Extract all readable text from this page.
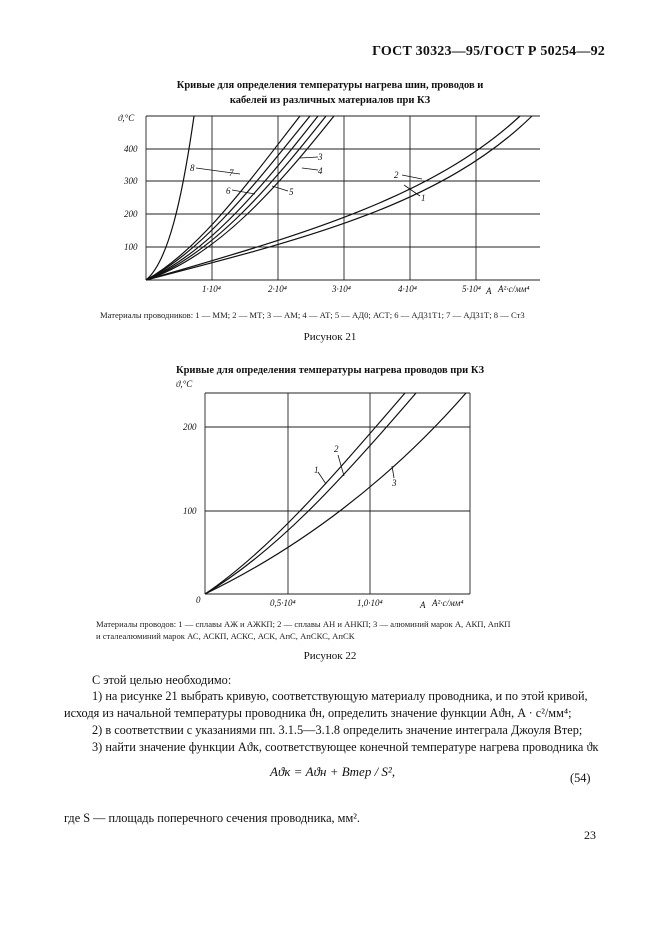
ГОСТ 30323—95/ГОСТ Р 50254—92
Кривые для определения температуры нагрева шин, проводов и
кабелей из различных материалов при КЗ
ϑ,°C
400
300
200
100
1·10⁴	2·10⁴	3·10⁴	4·10⁴	5·10⁴ A A²·c/мм⁴
8	7
6
3
4
5
2
1
ϑ,°C
200
100
0	0,5·10⁴	1,0·10⁴	A A²·c/мм⁴
1
2
3
Материалы проводников: 1 — ММ; 2 — МТ; 3 — АМ; 4 — АТ; 5 — АД0; АСТ; 6 — АД31Т1; 7 — АД31Т; 8 — Ст3
Рисунок 21
Кривые для определения температуры нагрева проводов при КЗ
Материалы проводов: 1 — сплавы АЖ и АЖКП; 2 — сплавы АН и АНКП; 3 — алюминий марок А, АКП, АпКП
и сталеалюминий марок АС, АСКП, АСКС, АСК, АпС, АпСКС, АпСК
Рисунок 22
С этой целью необходимо:
1) на рисунке 21 выбрать кривую, соответствующую материалу проводника, и по этой кривой,
исходя из начальной температуры проводника ϑн, определить значение функции Aϑн, A · c²/мм⁴;
2) в соответствии с указаниями пп. 3.1.5—3.1.8 определить значение интеграла Джоуля Bтер;
3) найти значение функции Aϑк, соответствующее конечной температуре нагрева проводника ϑк
Aϑк = Aϑн + Bтер / S²,	(54)
где S — площадь поперечного сечения проводника, мм².
23
